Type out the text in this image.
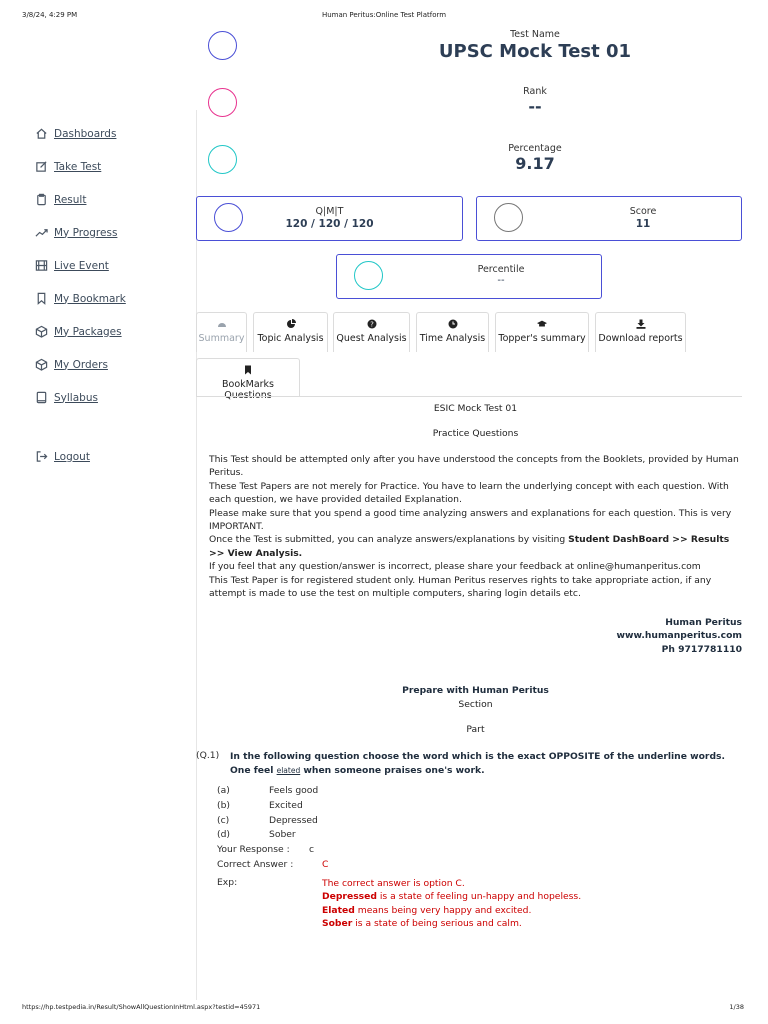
3/8/24, 4:29 PM	Human Peritus:Online Test Platform
https://hp.testpedia.in/Result/ShowAllQuestionInHtml.aspx?testid=45971	1/38
Dashboards
Take Test
Result
My Progress
Live Event
My Bookmark
My Packages
My Orders
Syllabus
Logout
Test Name
UPSC Mock Test 01
Rank
--
Percentage
9.17
Q|M|T
120 / 120 / 120
Score
11
Percentile
--
Summary	Topic Analysis
?
Quest Analysis	Time Analysis	Topper's summary	Download reports
BookMarks
ESIC Mock Test 01
Practice Questions
This Test should be attempted only after you have understood the concepts from the Booklets, provided by Human Peritus.
These Test Papers are not merely for Practice. You have to learn the underlying concept with each question. With each question, we have provided detailed Explanation.
Please make sure that you spend a good time analyzing answers and explanations for each question. This is very IMPORTANT.
Once the Test is submitted, you can analyze answers/explanations by visiting Student DashBoard >> Results >> View Analysis.
If you feel that any question/answer is incorrect, please share your feedback at online@humanperitus.com
This Test Paper is for registered student only. Human Peritus reserves rights to take appropriate action, if any attempt is made to use the test on multiple computers, sharing login details etc.
Human Peritus
www.humanperitus.com
Ph 9717781110
Prepare with Human Peritus
Section
Part
(Q.1) In the following question choose the word which is the exact OPPOSITE of the underline words.
One feel elated when someone praises one's work.
(a)	Feels good
(b)	Excited
(c)	Depressed
(d)	Sober
Your Response : c
Correct Answer :	C
Exp:	The correct answer is option C.
Depressed is a state of feeling un-happy and hopeless.
Elated means being very happy and excited.
Sober is a state of being serious and calm.
